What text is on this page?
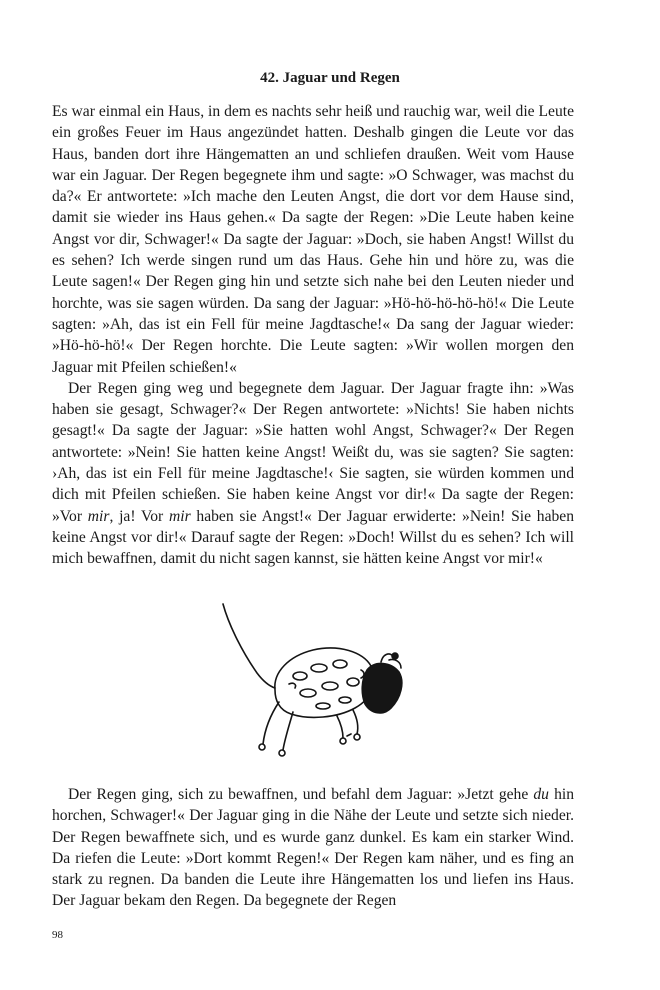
42. Jaguar und Regen

Es war einmal ein Haus, in dem es nachts sehr heiß und rauchig war, weil die Leute ein großes Feuer im Haus angezündet hatten. Deshalb gingen die Leute vor das Haus, banden dort ihre Hängematten an und schliefen draußen. Weit vom Hause war ein Jaguar. Der Regen begegnete ihm und sagte: »O Schwager, was machst du da?« Er antwortete: »Ich mache den Leuten Angst, die dort vor dem Hause sind, damit sie wieder ins Haus gehen.« Da sagte der Regen: »Die Leute haben keine Angst vor dir, Schwager!« Da sagte der Jaguar: »Doch, sie haben Angst! Willst du es sehen? Ich werde singen rund um das Haus. Gehe hin und höre zu, was die Leute sagen!« Der Regen ging hin und setzte sich nahe bei den Leuten nieder und horchte, was sie sagen würden. Da sang der Jaguar: »Hö-hö-hö-hö-hö!« Die Leute sagten: »Ah, das ist ein Fell für meine Jagdtasche!« Da sang der Jaguar wieder: »Hö-hö-hö!« Der Regen horchte. Die Leute sagten: »Wir wollen morgen den Jaguar mit Pfeilen schießen!«

Der Regen ging weg und begegnete dem Jaguar. Der Jaguar fragte ihn: »Was haben sie gesagt, Schwager?« Der Regen antwortete: »Nichts! Sie haben nichts gesagt!« Da sagte der Jaguar: »Sie hatten wohl Angst, Schwager?« Der Regen antwortete: »Nein! Sie hatten keine Angst! Weißt du, was sie sagten? Sie sagten: ›Ah, das ist ein Fell für meine Jagdtasche!‹ Sie sagten, sie würden kommen und dich mit Pfeilen schießen. Sie haben keine Angst vor dir!« Da sagte der Regen: »Vor mir, ja! Vor mir haben sie Angst!« Der Jaguar erwiderte: »Nein! Sie haben keine Angst vor dir!« Darauf sagte der Regen: »Doch! Willst du es sehen? Ich will mich bewaffnen, damit du nicht sagen kannst, sie hätten keine Angst vor mir!«

Der Regen ging, sich zu bewaffnen, und befahl dem Jaguar: »Jetzt gehe du hin horchen, Schwager!« Der Jaguar ging in die Nähe der Leute und setzte sich nieder. Der Regen bewaffnete sich, und es wurde ganz dunkel. Es kam ein starker Wind. Da riefen die Leute: »Dort kommt Regen!« Der Regen kam näher, und es fing an stark zu regnen. Da banden die Leute ihre Hängematten los und liefen ins Haus. Der Jaguar bekam den Regen. Da begegnete der Regen

98
